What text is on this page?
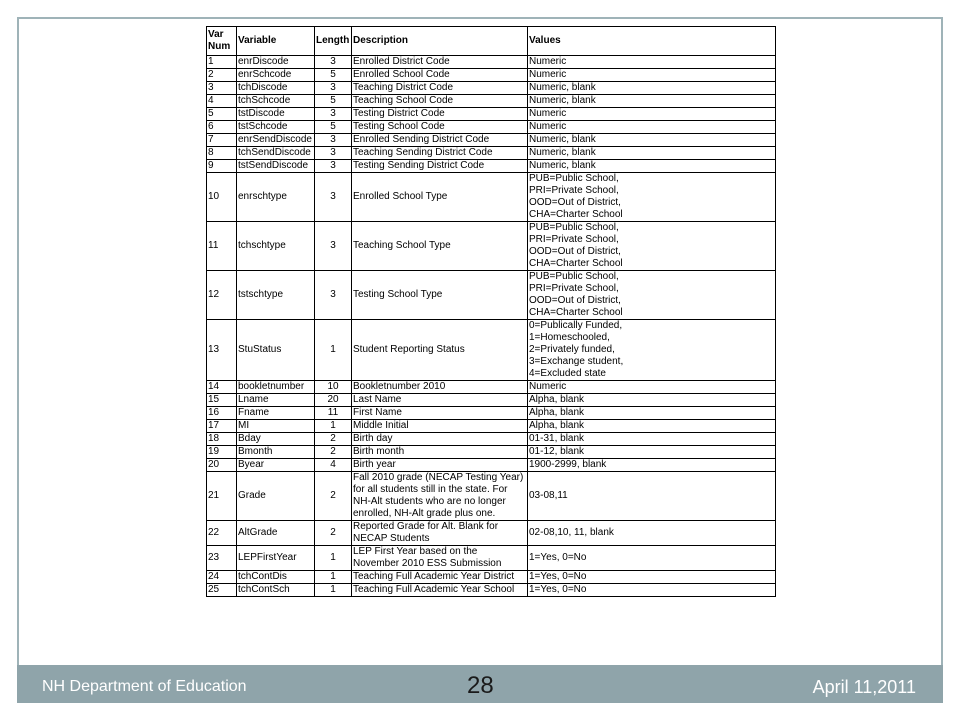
Var Num	Variable	Length	Description	Values
1	enrDiscode	3	Enrolled District Code	Numeric

2	enrSchcode	5	Enrolled School Code	Numeric

3	tchDiscode	3	Teaching District Code	Numeric, blank

4	tchSchcode	5	Teaching School Code	Numeric, blank

5	tstDiscode	3	Testing District Code	Numeric

6	tstSchcode	5	Testing School Code	Numeric

7	enrSendDiscode	3	Enrolled Sending District Code	Numeric, blank

8	tchSendDiscode	3	Teaching Sending District Code	Numeric, blank

9	tstSendDiscode	3	Testing Sending District Code	Numeric, blank

10	enrschtype	3	Enrolled School Type	PUB=Public School,
PRI=Private School,
OOD=Out of District,
CHA=Charter School

11	tchschtype	3	Teaching School Type	PUB=Public School,
PRI=Private School,
OOD=Out of District,
CHA=Charter School

12	tstschtype	3	Testing School Type	PUB=Public School,
PRI=Private School,
OOD=Out of District,
CHA=Charter School

13	StuStatus	1	Student Reporting Status	0=Publically Funded,
1=Homeschooled,
2=Privately funded,
3=Exchange student,
4=Excluded state

14	bookletnumber	10	Bookletnumber 2010	Numeric

15	Lname	20	Last Name	Alpha, blank

16	Fname	11	First Name	Alpha, blank

17	MI	1	Middle Initial	Alpha, blank

18	Bday	2	Birth day	01-31, blank

19	Bmonth	2	Birth month	01-12, blank

20	Byear	4	Birth year	1900-2999, blank

21	Grade	2	Fall 2010 grade (NECAP Testing Year) for all students still in the state. For NH-Alt students who are no longer enrolled, NH-Alt grade plus one.	03-08,11

22	AltGrade	2	Reported Grade for Alt. Blank for NECAP Students	02-08,10, 11, blank

23	LEPFirstYear	1	LEP First Year based on the November 2010 ESS Submission	1=Yes, 0=No

24	tchContDis	1	Teaching Full Academic Year District	1=Yes, 0=No

25	tchContSch	1	Teaching Full Academic Year School	1=Yes, 0=No
NH Department of Education	28	April 11,2011
